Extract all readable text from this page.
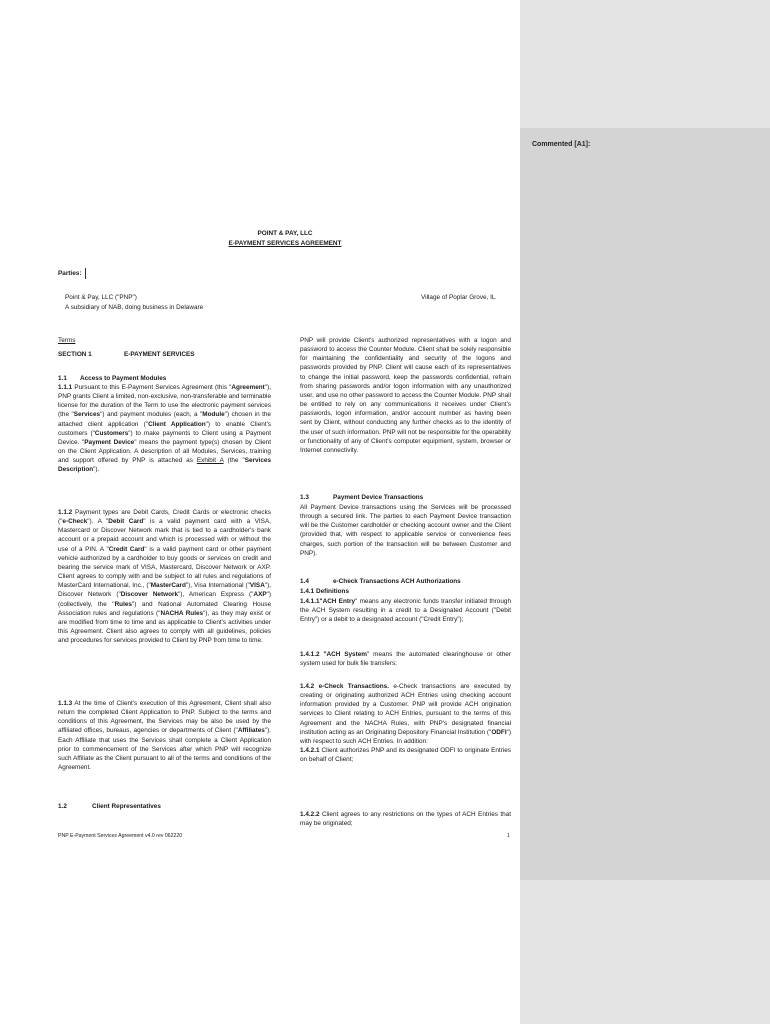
POINT & PAY, LLC
E-PAYMENT SERVICES AGREEMENT
Parties:
Point & Pay, LLC ("PNP")
A subsidiary of NAB, doing business in Delaware
Village of Poplar Grove, IL
Terms
SECTION 1	E-PAYMENT SERVICES
1.1 Access to Payment Modules
1.1.1 Pursuant to this E-Payment Services Agreement (this "Agreement"), PNP grants Client a limited, non-exclusive, non-transferable and terminable license for the duration of the Term to use the electronic payment services (the "Services") and payment modules (each, a "Module") chosen in the attached client application ("Client Application") to enable Client's customers ("Customers") to make payments to Client using a Payment Device. "Payment Device" means the payment type(s) chosen by Client on the Client Application. A description of all Modules, Services, training and support offered by PNP is attached as Exhibit A (the "Services Description").
1.1.2 Payment types are Debit Cards, Credit Cards or electronic checks ("e-Check"). A "Debit Card" is a valid payment card with a VISA, Mastercard or Discover Network mark that is tied to a cardholder's bank account or a prepaid account and which is processed with or without the use of a PIN. A "Credit Card" is a valid payment card or other payment vehicle authorized by a cardholder to buy goods or services on credit and bearing the service mark of VISA, Mastercard, Discover Network or AXP. Client agrees to comply with and be subject to all rules and regulations of MasterCard International, Inc., ("MasterCard"), Visa International ("VISA"), Discover Network ("Discover Network"), American Express ("AXP") (collectively, the "Rules") and National Automated Clearing House Association rules and regulations ("NACHA Rules"), as they may exist or are modified from time to time and as applicable to Client's activities under this Agreement. Client also agrees to comply with all guidelines, policies and procedures for services provided to Client by PNP from time to time.
1.1.3 At the time of Client's execution of this Agreement, Client shall also return the completed Client Application to PNP. Subject to the terms and conditions of this Agreement, the Services may be also be used by the affiliated offices, bureaus, agencies or departments of Client ("Affiliates"). Each Affiliate that uses the Services shall complete a Client Application prior to commencement of the Services after which PNP will recognize such Affiliate as the Client pursuant to all of the terms and conditions of the Agreement.
1.2	Client Representatives
PNP will provide Client's authorized representatives with a logon and password to access the Counter Module. Client shall be solely responsible for maintaining the confidentiality and security of the logons and passwords provided by PNP. Client will cause each of its representatives to change the initial password, keep the passwords confidential, refrain from sharing passwords and/or logon information with any unauthorized user, and use no other password to access the Counter Module. PNP shall be entitled to rely on any communications it receives under Client's passwords, logon information, and/or account number as having been sent by Client, without conducting any further checks as to the identity of the user of such information. PNP will not be responsible for the operability or functionality of any of Client's computer equipment, system, browser or Internet connectivity.
1.3	Payment Device Transactions
All Payment Device transactions using the Services will be processed through a secured link. The parties to each Payment Device transaction will be the Customer cardholder or checking account owner and the Client (provided that, with respect to applicable service or convenience fees charges, such portion of the transaction will be between Customer and PNP).
1.4	e-Check Transactions ACH Authorizations
1.4.1 Definitions
1.4.1.1"ACH Entry" means any electronic funds transfer initiated through the ACH System resulting in a credit to a Designated Account ("Debit Entry") or a debit to a designated account ("Credit Entry");
1.4.1.2 "ACH System" means the automated clearinghouse or other system used for bulk file transfers;
1.4.2 e-Check Transactions. e-Check transactions are executed by creating or originating authorized ACH Entries using checking account information provided by a Customer. PNP will provide ACH origination services to Client relating to ACH Entries, pursuant to the terms of this Agreement and the NACHA Rules, with PNP's designated financial institution acting as an Originating Depository Financial Institution ("ODFI") with respect to such ACH Entries. In addition:
1.4.2.1 Client authorizes PNP and its designated ODFI to originate Entries on behalf of Client;
1.4.2.2 Client agrees to any restrictions on the types of ACH Entries that may be originated;
PNP E-Payment Services Agreement v4.0 rev 062220	1
Commented [A1]:
